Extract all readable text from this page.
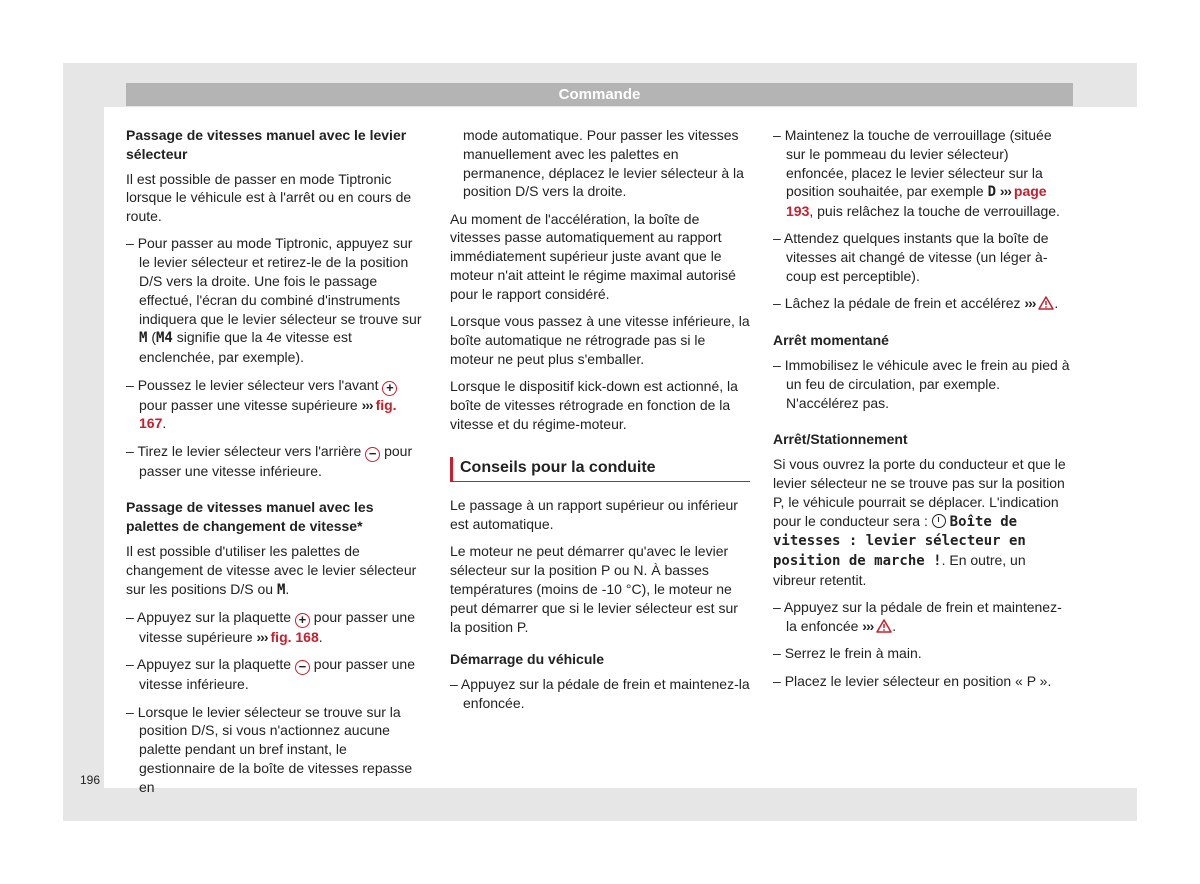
Commande

Passage de vitesses manuel avec le levier sélecteur

Il est possible de passer en mode Tiptronic lorsque le véhicule est à l'arrêt ou en cours de route.

– Pour passer au mode Tiptronic, appuyez sur le levier sélecteur et retirez-le de la position D/S vers la droite. Une fois le passage effectué, l'écran du combiné d'instruments indiquera que le levier sélecteur se trouve sur M (M4 signifie que la 4e vitesse est enclenchée, par exemple).

– Poussez le levier sélecteur vers l'avant + pour passer une vitesse supérieure ››› fig. 167.

– Tirez le levier sélecteur vers l'arrière − pour passer une vitesse inférieure.

Passage de vitesses manuel avec les palettes de changement de vitesse*

Il est possible d'utiliser les palettes de changement de vitesse avec le levier sélecteur sur les positions D/S ou M.

– Appuyez sur la plaquette + pour passer une vitesse supérieure ››› fig. 168.

– Appuyez sur la plaquette − pour passer une vitesse inférieure.

– Lorsque le levier sélecteur se trouve sur la position D/S, si vous n'actionnez aucune palette pendant un bref instant, le gestionnaire de la boîte de vitesses repasse en

mode automatique. Pour passer les vitesses manuellement avec les palettes en permanence, déplacez le levier sélecteur à la position D/S vers la droite.

Au moment de l'accélération, la boîte de vitesses passe automatiquement au rapport immédiatement supérieur juste avant que le moteur n'ait atteint le régime maximal autorisé pour le rapport considéré.

Lorsque vous passez à une vitesse inférieure, la boîte automatique ne rétrograde pas si le moteur ne peut plus s'emballer.

Lorsque le dispositif kick-down est actionné, la boîte de vitesses rétrograde en fonction de la vitesse et du régime-moteur.

Conseils pour la conduite

Le passage à un rapport supérieur ou inférieur est automatique.

Le moteur ne peut démarrer qu'avec le levier sélecteur sur la position P ou N. À basses températures (moins de -10 °C), le moteur ne peut démarrer que si le levier sélecteur est sur la position P.

Démarrage du véhicule

– Appuyez sur la pédale de frein et maintenez-la enfoncée.

– Maintenez la touche de verrouillage (située sur le pommeau du levier sélecteur) enfoncée, placez le levier sélecteur sur la position souhaitée, par exemple D ››› page 193, puis relâchez la touche de verrouillage.

– Attendez quelques instants que la boîte de vitesses ait changé de vitesse (un léger à-coup est perceptible).

– Lâchez la pédale de frein et accélérez ››› .

Arrêt momentané

– Immobilisez le véhicule avec le frein au pied à un feu de circulation, par exemple. N'accélérez pas.

Arrêt/Stationnement

Si vous ouvrez la porte du conducteur et que le levier sélecteur ne se trouve pas sur la position P, le véhicule pourrait se déplacer. L'indication pour le conducteur sera :  Boîte de vitesses : levier sélecteur en position de marche !. En outre, un vibreur retentit.

– Appuyez sur la pédale de frein et maintenez-la enfoncée ››› .

– Serrez le frein à main.

– Placez le levier sélecteur en position « P ».

196
